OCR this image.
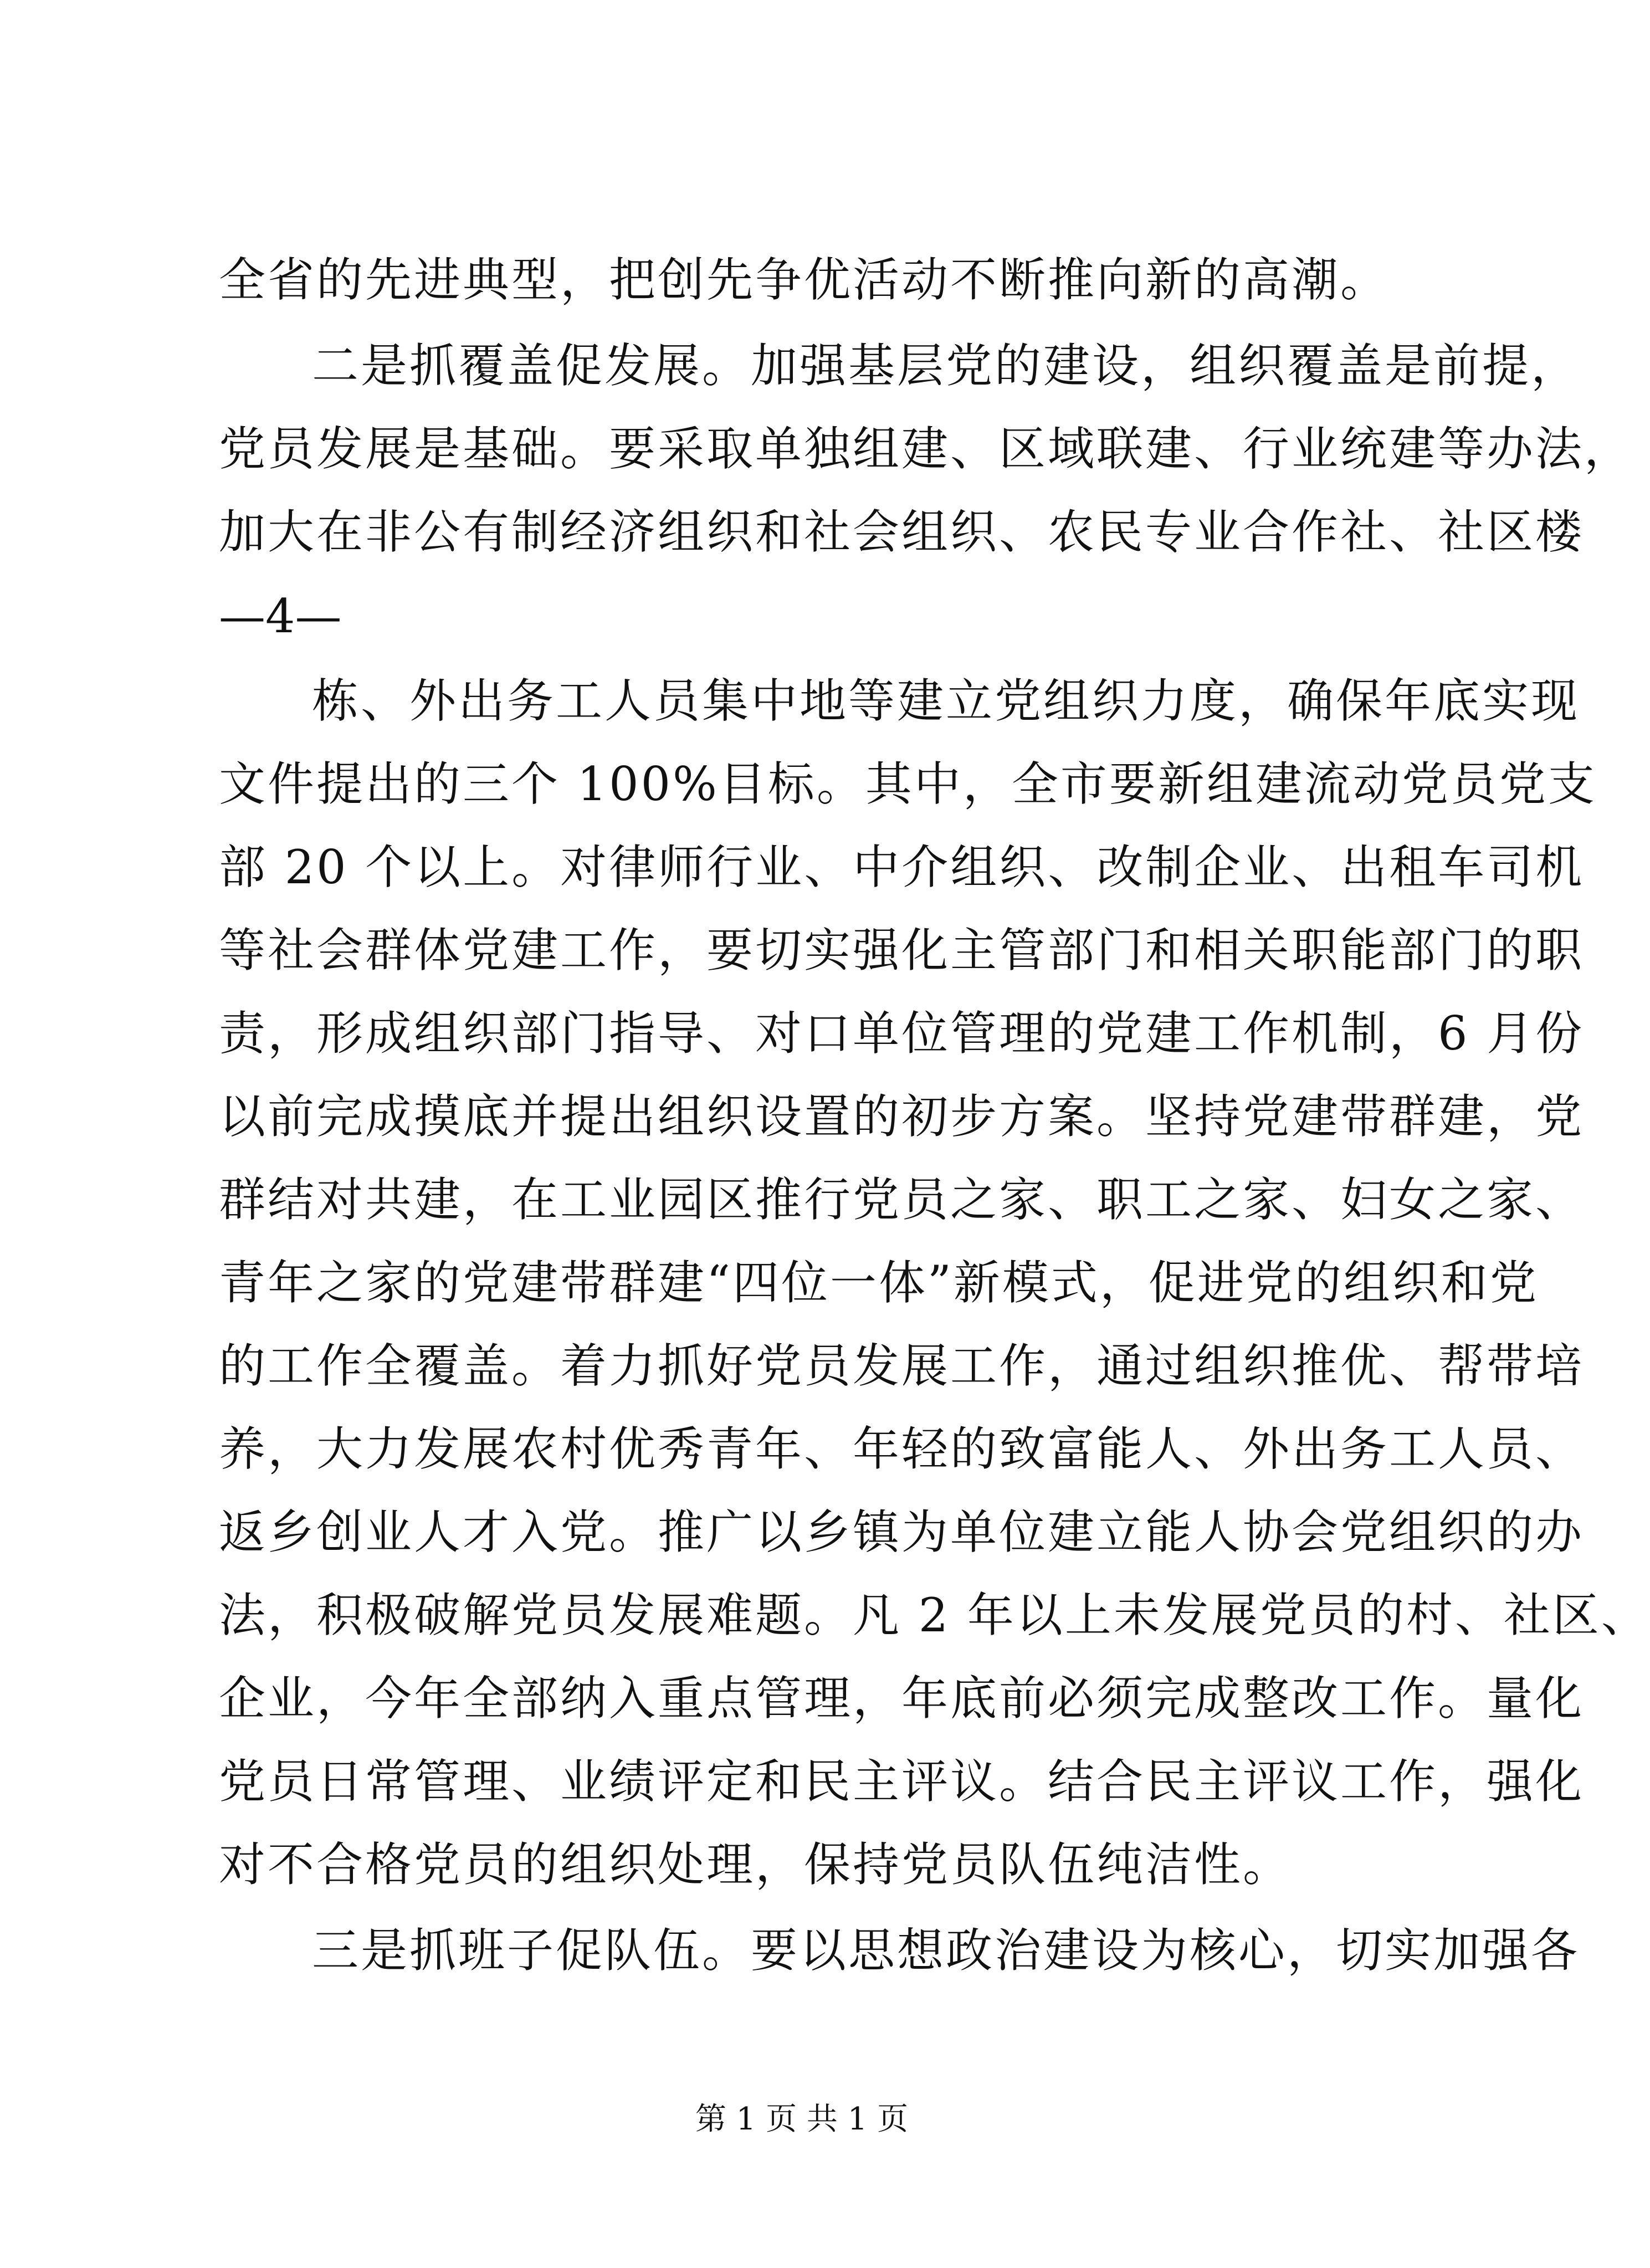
全省的先进典型，把创先争优活动不断推向新的高潮。
二是抓覆盖促发展。加强基层党的建设，组织覆盖是前提，
党员发展是基础。要采取单独组建、区域联建、行业统建等办法，
加大在非公有制经济组织和社会组织、农民专业合作社、社区楼
—4—
栋、外出务工人员集中地等建立党组织力度，确保年底实现
文件提出的三个 100%目标。其中，全市要新组建流动党员党支
部 20 个以上。对律师行业、中介组织、改制企业、出租车司机
等社会群体党建工作，要切实强化主管部门和相关职能部门的职
责，形成组织部门指导、对口单位管理的党建工作机制，6 月份
以前完成摸底并提出组织设置的初步方案。坚持党建带群建，党
群结对共建，在工业园区推行党员之家、职工之家、妇女之家、
青年之家的党建带群建“四位一体”新模式，促进党的组织和党
的工作全覆盖。着力抓好党员发展工作，通过组织推优、帮带培
养，大力发展农村优秀青年、年轻的致富能人、外出务工人员、
返乡创业人才入党。推广以乡镇为单位建立能人协会党组织的办
法，积极破解党员发展难题。凡 2 年以上未发展党员的村、社区、
企业，今年全部纳入重点管理，年底前必须完成整改工作。量化
党员日常管理、业绩评定和民主评议。结合民主评议工作，强化
对不合格党员的组织处理，保持党员队伍纯洁性。
三是抓班子促队伍。要以思想政治建设为核心，切实加强各
第 1 页 共 1 页
